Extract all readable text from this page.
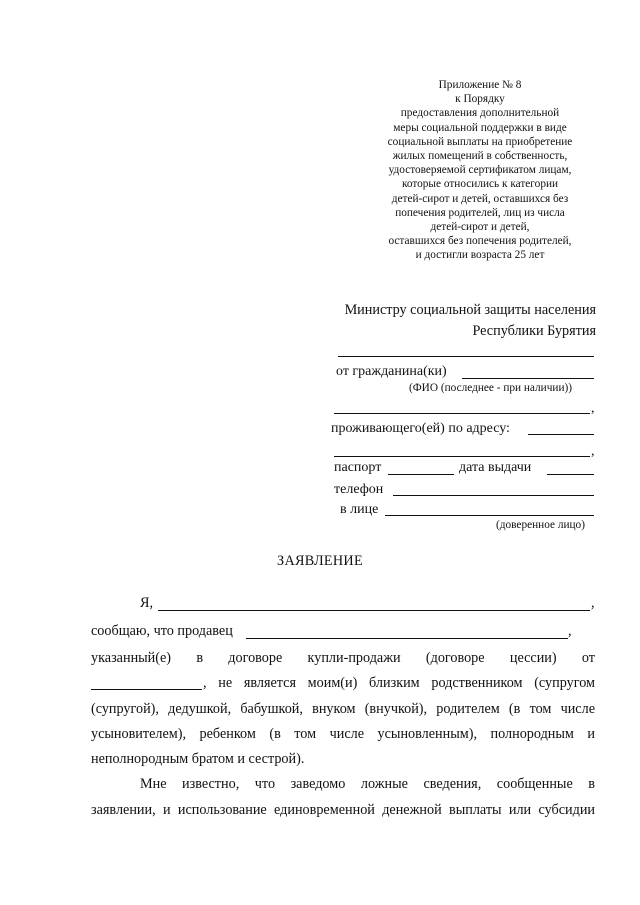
Приложение № 8
к Порядку
предоставления дополнительной
меры социальной поддержки в виде
социальной выплаты на приобретение
жилых помещений в собственность,
удостоверяемой сертификатом лицам,
которые относились к категории
детей-сирот и детей, оставшихся без
попечения родителей, лиц из числа
детей-сирот и детей,
оставшихся без попечения родителей,
и достигли возраста 25 лет
Министру социальной защиты населения
Республики Бурятия
от гражданина(ки)
(ФИО (последнее - при наличии))
,
проживающего(ей) по адресу:
,
паспорт	дата выдачи
телефон
в лице
(доверенное лицо)
ЗАЯВЛЕНИЕ
Я,	,
сообщаю, что продавец	,
указанный(е) в договоре купли-продажи (договоре цессии) от
, не является моим(и) близким родственником (супругом
(супругой), дедушкой, бабушкой, внуком (внучкой), родителем (в том числе
усыновителем), ребенком (в том числе усыновленным), полнородным и
неполнородным братом и сестрой).
Мне известно, что заведомо ложные сведения, сообщенные в
заявлении, и использование единовременной денежной выплаты или субсидии
